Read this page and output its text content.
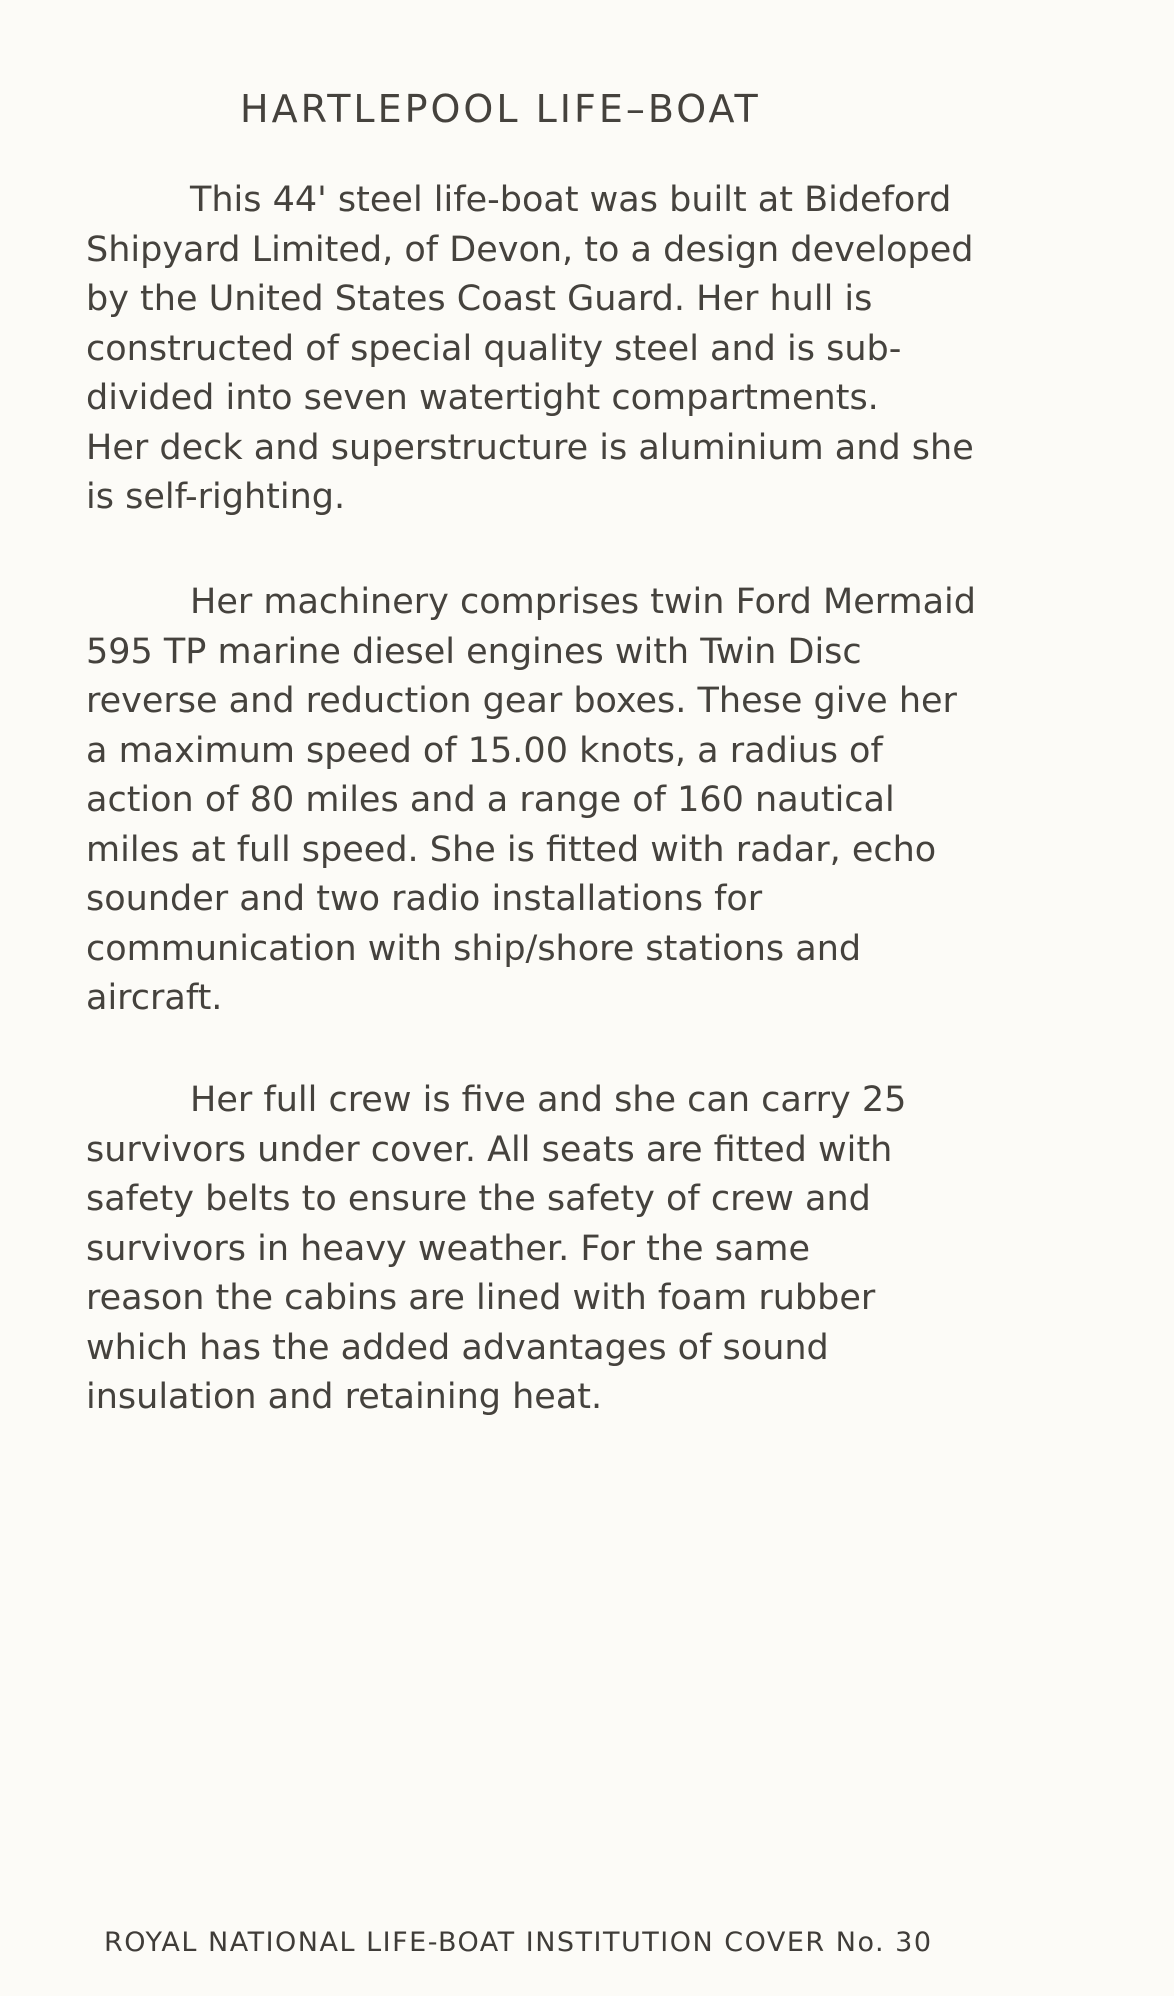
HARTLEPOOL LIFE–BOAT
This 44' steel life-boat was built at Bideford
Shipyard Limited, of Devon, to a design developed
by the United States Coast Guard. Her hull is
constructed of special quality steel and is sub-
divided into seven watertight compartments.
Her deck and superstructure is aluminium and she
is self-righting.
Her machinery comprises twin Ford Mermaid
595 TP marine diesel engines with Twin Disc
reverse and reduction gear boxes. These give her
a maximum speed of 15.00 knots, a radius of
action of 80 miles and a range of 160 nautical
miles at full speed. She is fitted with radar, echo
sounder and two radio installations for
communication with ship/shore stations and
aircraft.
Her full crew is five and she can carry 25
survivors under cover. All seats are fitted with
safety belts to ensure the safety of crew and
survivors in heavy weather. For the same
reason the cabins are lined with foam rubber
which has the added advantages of sound
insulation and retaining heat.
ROYAL NATIONAL LIFE-BOAT INSTITUTION COVER No. 30
